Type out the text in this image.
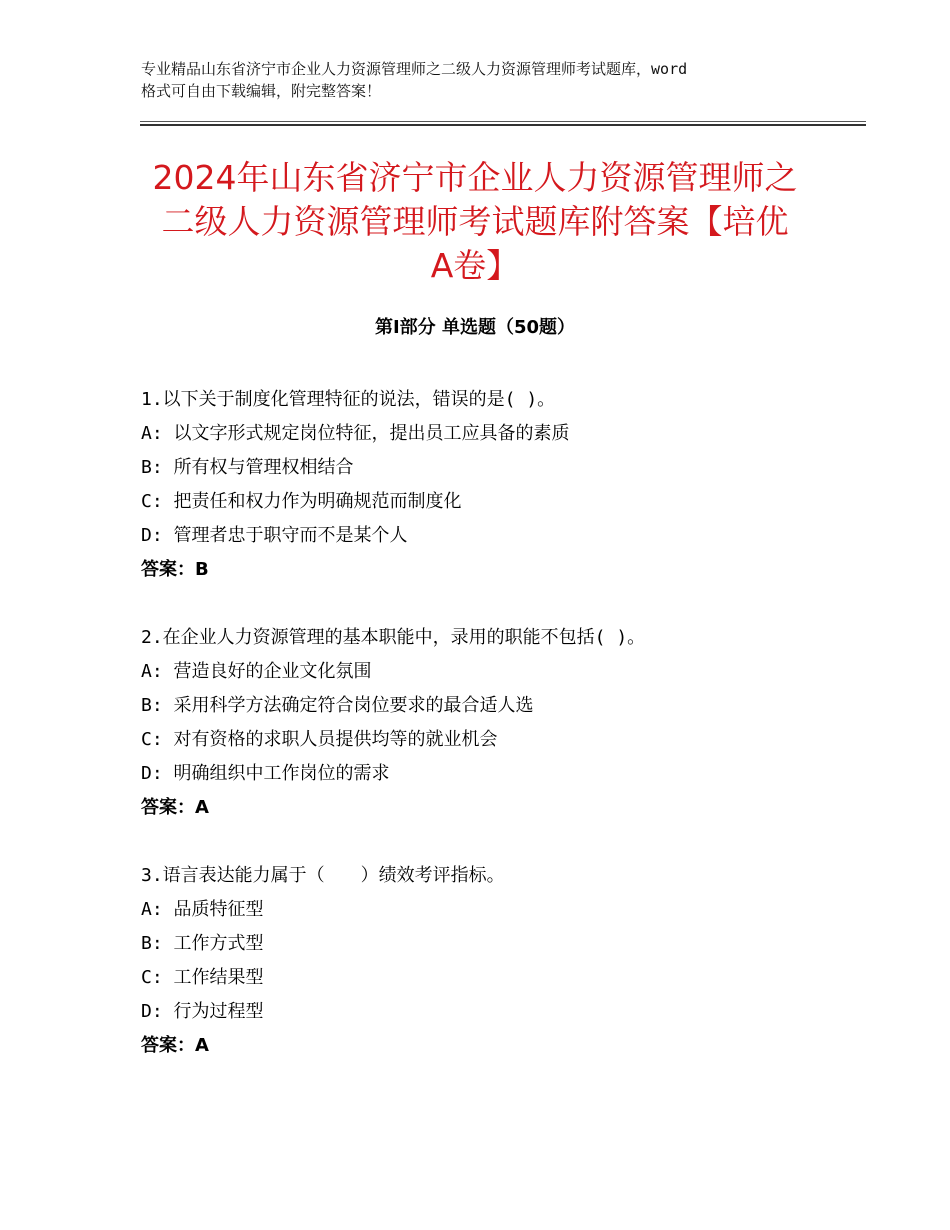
专业精品山东省济宁市企业人力资源管理师之二级人力资源管理师考试题库，word
格式可自由下载编辑，附完整答案！
2024年山东省济宁市企业人力资源管理师之
二级人力资源管理师考试题库附答案【培优
A卷】
第Ⅰ部分 单选题（50题）
1.以下关于制度化管理特征的说法，错误的是( )。
A: 以文字形式规定岗位特征，提出员工应具备的素质
B: 所有权与管理权相结合
C: 把责任和权力作为明确规范而制度化
D: 管理者忠于职守而不是某个人
答案：B
2.在企业人力资源管理的基本职能中，录用的职能不包括( )。
A: 营造良好的企业文化氛围
B: 采用科学方法确定符合岗位要求的最合适人选
C: 对有资格的求职人员提供均等的就业机会
D: 明确组织中工作岗位的需求
答案：A
3.语言表达能力属于（　　）绩效考评指标。
A: 品质特征型
B: 工作方式型
C: 工作结果型
D: 行为过程型
答案：A
